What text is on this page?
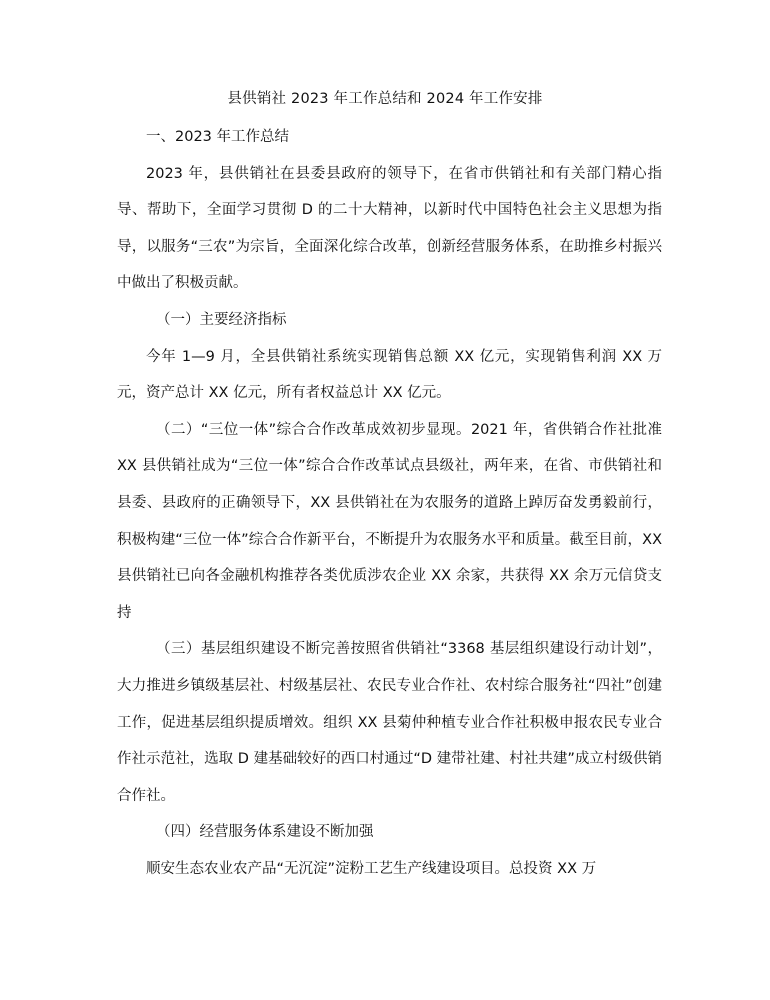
县供销社 2023 年工作总结和 2024 年工作安排

一、2023 年工作总结

2023 年，县供销社在县委县政府的领导下，在省市供销社和有关部门精心指导、帮助下，全面学习贯彻 D 的二十大精神，以新时代中国特色社会主义思想为指导，以服务“三农”为宗旨，全面深化综合改革，创新经营服务体系，在助推乡村振兴中做出了积极贡献。

（一）主要经济指标

今年 1—9 月，全县供销社系统实现销售总额 XX 亿元，实现销售利润 XX 万元，资产总计 XX 亿元，所有者权益总计 XX 亿元。

（二）“三位一体”综合合作改革成效初步显现。2021 年，省供销合作社批准 XX 县供销社成为“三位一体”综合合作改革试点县级社，两年来，在省、市供销社和县委、县政府的正确领导下，XX 县供销社在为农服务的道路上踔厉奋发勇毅前行，积极构建“三位一体”综合合作新平台，不断提升为农服务水平和质量。截至目前，XX 县供销社已向各金融机构推荐各类优质涉农企业 XX 余家，共获得 XX 余万元信贷支持

（三）基层组织建设不断完善按照省供销社“3368 基层组织建设行动计划”，大力推进乡镇级基层社、村级基层社、农民专业合作社、农村综合服务社“四社”创建工作，促进基层组织提质增效。组织 XX 县菊仲种植专业合作社积极申报农民专业合作社示范社，选取 D 建基础较好的西口村通过“D 建带社建、村社共建”成立村级供销合作社。

（四）经营服务体系建设不断加强

顺安生态农业农产品“无沉淀”淀粉工艺生产线建设项目。总投资 XX 万
